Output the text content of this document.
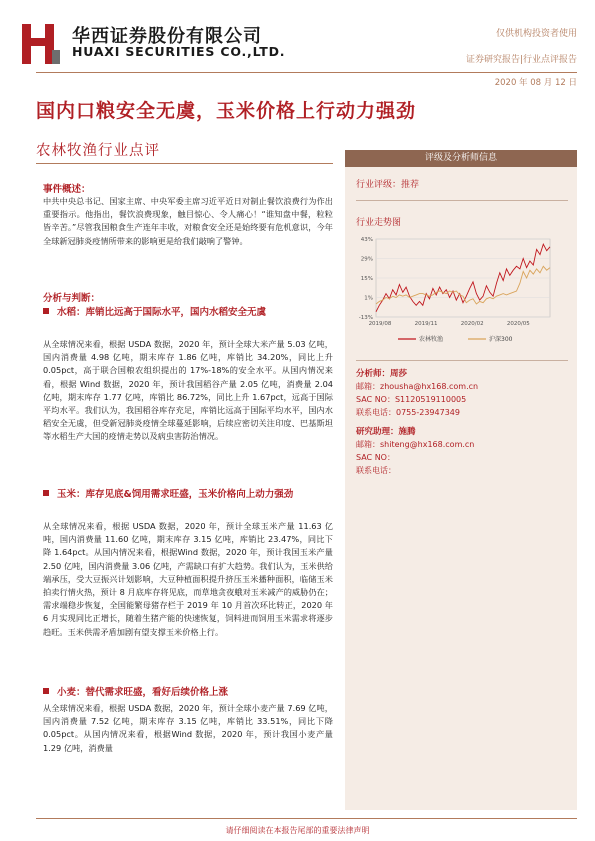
华西证券股份有限公司
HUAXI SECURITIES CO.,LTD.
仅供机构投资者使用
证券研究报告|行业点评报告
2020 年 08 月 12 日
国内口粮安全无虞，玉米价格上行动力强劲
农林牧渔行业点评
事件概述：
中共中央总书记、国家主席、中央军委主席习近平近日对制止餐饮浪费行为作出重要指示。他指出，餐饮浪费现象，触目惊心、令人痛心！“谁知盘中餐，粒粒皆辛苦。”尽管我国粮食生产连年丰收，对粮食安全还是始终要有危机意识，今年全球新冠肺炎疫情所带来的影响更是给我们敲响了警钟。
分析与判断：
水稻：库销比远高于国际水平，国内水稻安全无虞
从全球情况来看，根据 USDA 数据，2020 年，预计全球大米产量 5.03 亿吨，国内消费量 4.98 亿吨，期末库存 1.86 亿吨，库销比 34.20%，同比上升 0.05pct，高于联合国粮农组织提出的 17%-18%的安全水平。从国内情况来看，根据 Wind 数据，2020 年，预计我国稻谷产量 2.05 亿吨，消费量 2.04 亿吨，期末库存 1.77 亿吨，库销比 86.72%，同比上升 1.67pct，远高于国际平均水平。我们认为，我国稻谷库存充足，库销比远高于国际平均水平，国内水稻安全无虞，但受新冠肺炎疫情全球蔓延影响，后续应密切关注印度、巴基斯坦等水稻生产大国的疫情走势以及病虫害防治情况。
玉米：库存见底&饲用需求旺盛，玉米价格向上动力强劲
从全球情况来看，根据 USDA 数据，2020 年，预计全球玉米产量 11.63 亿吨，国内消费量 11.60 亿吨，期末库存 3.15 亿吨，库销比 23.47%，同比下降 1.64pct。从国内情况来看，根据Wind 数据，2020 年，预计我国玉米产量 2.50 亿吨，国内消费量 3.06 亿吨，产需缺口有扩大趋势。我们认为，玉米供给端承压，受大豆振兴计划影响，大豆种植面积提升挤压玉米播种面积，临储玉米拍卖行情火热，预计 8 月底库存将见底，而草地贪夜蛾对玉米减产的威胁仍在；需求端稳步恢复，全国能繁母猪存栏于 2019 年 10 月首次环比转正，2020 年 6 月实现同比正增长，随着生猪产能的快速恢复，饲料进而饲用玉米需求将逐步趋旺。玉米供需矛盾加剧有望支撑玉米价格上行。
小麦：替代需求旺盛，看好后续价格上涨
从全球情况来看，根据 USDA 数据，2020 年，预计全球小麦产量 7.69 亿吨，国内消费量 7.52 亿吨，期末库存 3.15 亿吨，库销比 33.51%，同比下降 0.05pct。从国内情况来看，根据Wind 数据，2020 年，预计我国小麦产量 1.29 亿吨，消费量
评级及分析师信息
行业评级：推荐
行业走势图
43%
29%
15%
1%
-13%
2019/08	2019/11	2020/02	2020/05
农林牧渔	沪深300
分析师：周莎
邮箱：zhousha@hx168.com.cn
SAC NO：S1120519110005
联系电话：0755-23947349
研究助理：施腾
邮箱：shiteng@hx168.com.cn
SAC NO：
联系电话：
请仔细阅读在本报告尾部的重要法律声明
